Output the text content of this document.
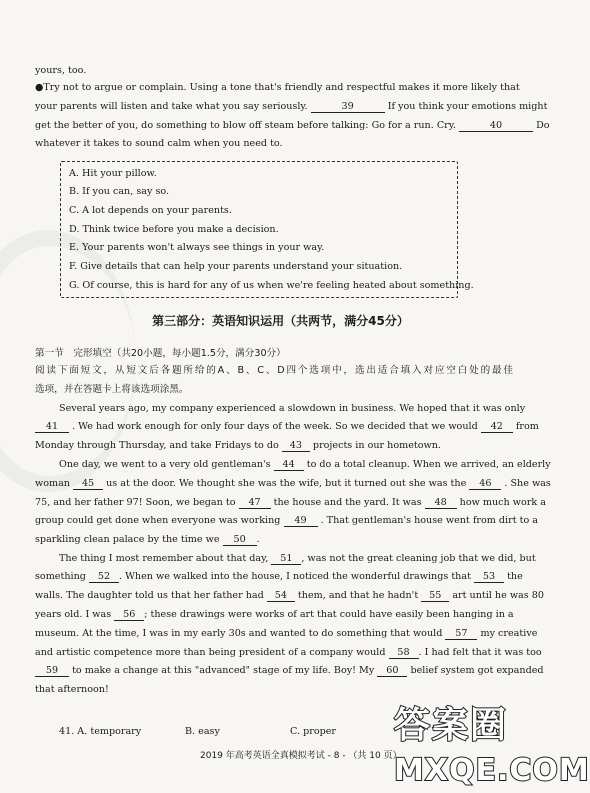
yours, too.
●Try not to argue or complain. Using a tone that's friendly and respectful makes it more likely that
your parents will listen and take what you say seriously.	39	If you think your emotions might
get the better of you, do something to blow off steam before talking: Go for a run. Cry.	40	Do
whatever it takes to sound calm when you need to.
A. Hit your pillow.
B. If you can, say so.
C. A lot depends on your parents.
D. Think twice before you make a decision.
E. Your parents won't always see things in your way.
F. Give details that can help your parents understand your situation.
G. Of course, this is hard for any of us when we're feeling heated about something.
第三部分：英语知识运用（共两节，满分45分）
第一节　完形填空（共20小题，每小题1.5分，满分30分）
阅读下面短文，从短文后各题所给的A、B、C、D四个选项中，选出适合填入对应空白处的最佳
选项，并在答题卡上将该选项涂黑。
Several years ago, my company experienced a slowdown in business. We hoped that it was only
41 . We had work enough for only four days of the week. So we decided that we would 42 from
Monday through Thursday, and take Fridays to do 43 projects in our hometown.
One day, we went to a very old gentleman's 44 to do a total cleanup. When we arrived, an elderly
woman 45 us at the door. We thought she was the wife, but it turned out she was the 46 . She was
75, and her father 97! Soon, we began to 47 the house and the yard. It was 48 how much work a
group could get done when everyone was working 49 . That gentleman's house went from dirt to a
sparkling clean palace by the time we 50 .
The thing I most remember about that day, 51 , was not the great cleaning job that we did, but
something 52 . When we walked into the house, I noticed the wonderful drawings that 53 the
walls. The daughter told us that her father had 54 them, and that he hadn't 55 art until he was 80
years old. I was 56 ; these drawings were works of art that could have easily been hanging in a
museum. At the time, I was in my early 30s and wanted to do something that would 57 my creative
and artistic competence more than being president of a company would 58 . I had felt that it was too
59 to make a change at this "advanced" stage of my life. Boy! My 60 belief system got expanded
that afternoon!
41. A. temporary	B. easy	C. proper
2019 年高考英语全真模拟考试 - 8 - （共 10 页）
答案圈
MXQE.COM
